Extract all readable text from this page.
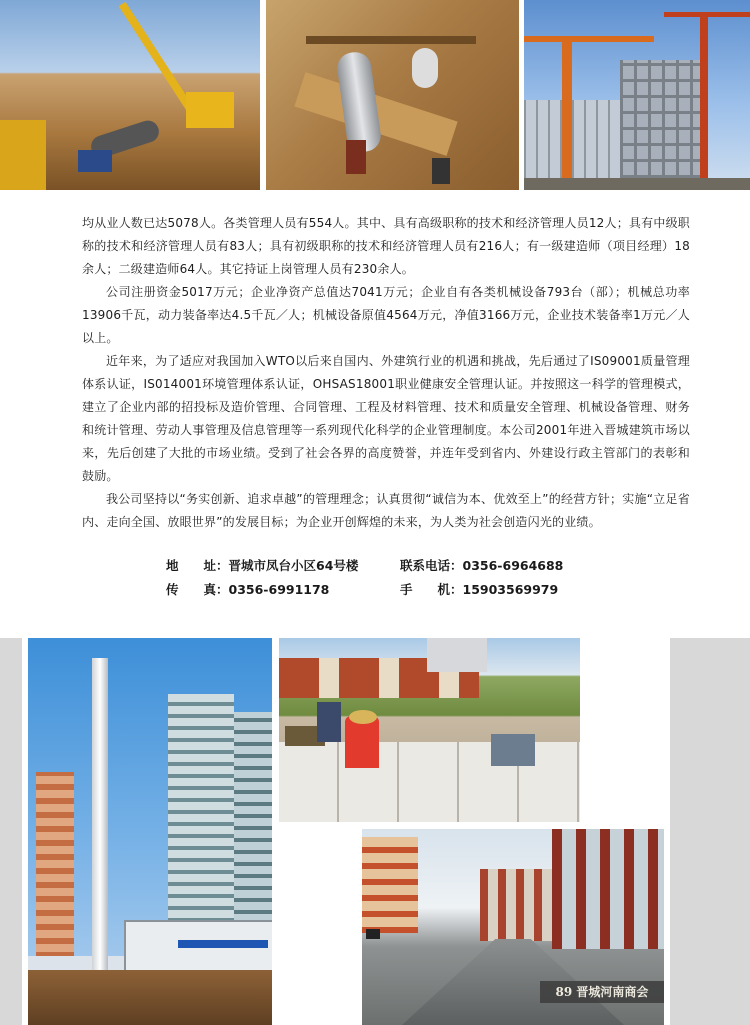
均从业人数已达5078人。各类管理人员有554人。其中、具有高级职称的技术和经济管理人员12人；具有中级职称的技术和经济管理人员有83人；具有初级职称的技术和经济管理人员有216人；有一级建造师（项目经理）18余人；二级建造师64人。其它持证上岗管理人员有230余人。

公司注册资金5017万元；企业净资产总值达7041万元；企业自有各类机械设备793台（部）；机械总功率13906千瓦，动力装备率达4.5千瓦／人；机械设备原值4564万元，净值3166万元，企业技术装备率1万元／人以上。

近年来，为了适应对我国加入WTO以后来自国内、外建筑行业的机遇和挑战，先后通过了IS09001质量管理体系认证，IS014001环境管理体系认证，OHSAS18001职业健康安全管理认证。并按照这一科学的管理模式，建立了企业内部的招投标及造价管理、合同管理、工程及材料管理、技术和质量安全管理、机械设备管理、财务和统计管理、劳动人事管理及信息管理等一系列现代化科学的企业管理制度。本公司2001年进入晋城建筑市场以来，先后创建了大批的市场业绩。受到了社会各界的高度赞誉，并连年受到省内、外建设行政主管部门的表彰和鼓励。

我公司坚持以“务实创新、追求卓越”的管理理念；认真贯彻“诚信为本、优效至上”的经营方针；实施“立足省内、走向全国、放眼世界”的发展目标；为企业开创辉煌的未来，为人类为社会创造闪光的业绩。

地　　址：晋城市凤台小区64号楼	联系电话：0356-6964688
传　　真：0356-6991178	手　　机：15903569979
89 晋城河南商会
